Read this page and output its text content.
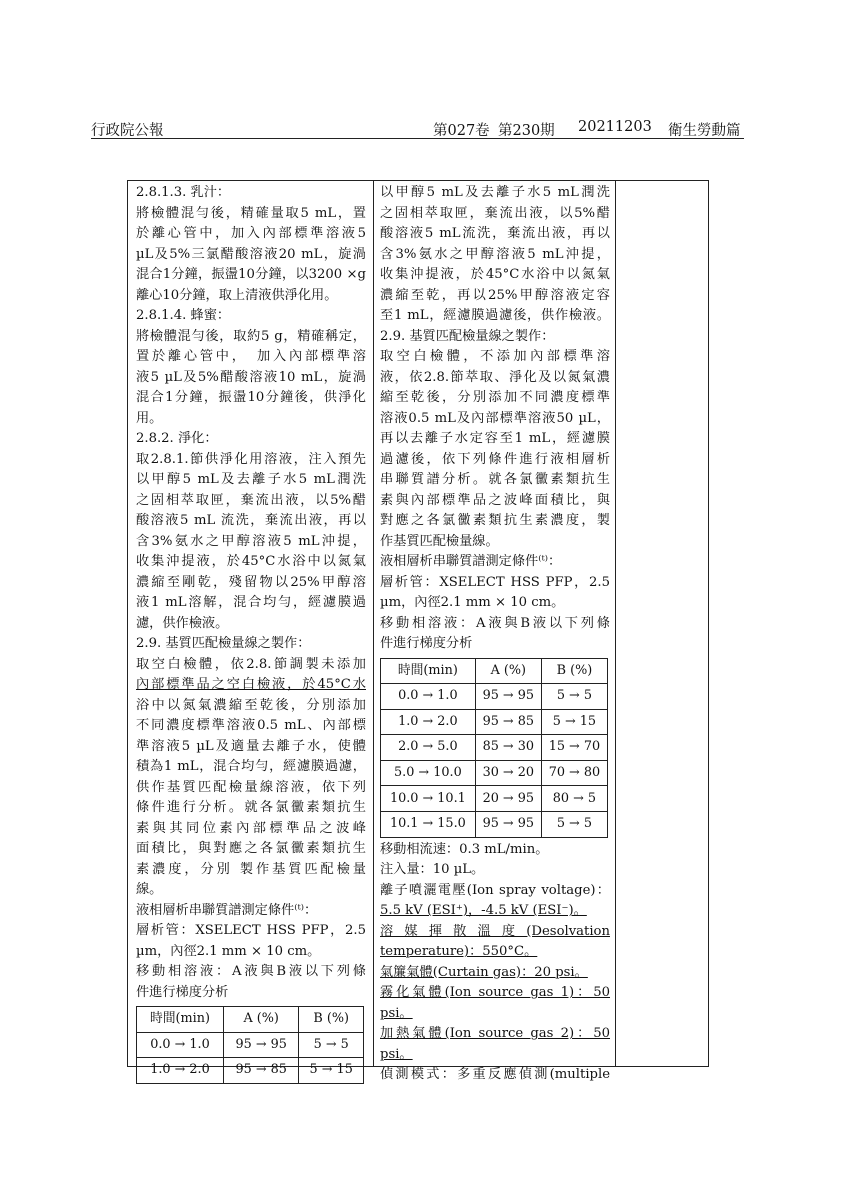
行政院公報	第027卷 第230期 20211203 衛生勞動篇
2.8.1.3. 乳汁：
將檢體混勻後，精確量取5 mL，置
於離心管中，加入內部標準溶液5
µL及5%三氯醋酸溶液20 mL，旋渦
混合1分鐘，振盪10分鐘，以3200 ×g
離心10分鐘，取上清液供淨化用。
2.8.1.4. 蜂蜜：
將檢體混勻後，取約5 g，精確稱定，
置於離心管中，　加入內部標準溶
液5 µL及5%醋酸溶液10 mL，旋渦
混合1分鐘，振盪10分鐘後，供淨化
用。
2.8.2. 淨化：
取2.8.1.節供淨化用溶液，注入預先
以甲醇5 mL及去離子水5 mL潤洗
之固相萃取匣，棄流出液，以5%醋
酸溶液5 mL 流洗，棄流出液，再以
含3%氨水之甲醇溶液5 mL沖提，
收集沖提液，於45°C水浴中以氮氣
濃縮至剛乾，殘留物以25%甲醇溶
液1 mL溶解，混合均勻，經濾膜過
濾，供作檢液。
2.9. 基質匹配檢量線之製作：
取空白檢體，依2.8.節調製未添加
內部標準品之空白檢液，於45°C水
浴中以氮氣濃縮至乾後，分別添加
不同濃度標準溶液0.5 mL、內部標
準溶液5 µL及適量去離子水，使體
積為1 mL，混合均勻，經濾膜過濾，
供作基質匹配檢量線溶液，依下列
條件進行分析。就各氯黴素類抗生
素與其同位素內部標準品之波峰
面積比，與對應之各氯黴素類抗生
素濃度，分別 製作基質匹配檢量
線。
液相層析串聯質譜測定條件⁽ᵗ⁾：
層析管：XSELECT HSS PFP，2.5
µm，內徑2.1 mm × 10 cm。
移動相溶液：A液與B液以下列條
件進行梯度分析
時間(min)	A (%)	B (%)
0.0 → 1.0	95 → 95	5 → 5
1.0 → 2.0	95 → 85	5 → 15
以甲醇5 mL及去離子水5 mL潤洗
之固相萃取匣，棄流出液，以5%醋
酸溶液5 mL流洗，棄流出液，再以
含3%氨水之甲醇溶液5 mL沖提，
收集沖提液，於45°C水浴中以氮氣
濃縮至乾，再以25%甲醇溶液定容
至1 mL，經濾膜過濾後，供作檢液。
2.9. 基質匹配檢量線之製作：
取空白檢體，不添加內部標準溶
液，依2.8.節萃取、淨化及以氮氣濃
縮至乾後，分別添加不同濃度標準
溶液0.5 mL及內部標準溶液50 µL，
再以去離子水定容至1 mL，經濾膜
過濾後，依下列條件進行液相層析
串聯質譜分析。就各氯黴素類抗生
素與內部標準品之波峰面積比，與
對應之各氯黴素類抗生素濃度，製
作基質匹配檢量線。
液相層析串聯質譜測定條件⁽ᵗ⁾：
層析管：XSELECT HSS PFP，2.5
µm，內徑2.1 mm × 10 cm。
移動相溶液：A液與B液以下列條
件進行梯度分析
時間(min)	A (%)	B (%)
0.0 → 1.0	95 → 95	5 → 5
1.0 → 2.0	95 → 85	5 → 15
2.0 → 5.0	85 → 30	15 → 70
5.0 → 10.0	30 → 20	70 → 80
10.0 → 10.1	20 → 95	80 → 5
10.1 → 15.0	95 → 95	5 → 5
移動相流速：0.3 mL/min。
注入量：10 µL。
離子噴灑電壓(Ion spray voltage)：
5.5 kV (ESI⁺)，-4.5 kV (ESI⁻)。
溶 媒 揮 散 溫 度 (Desolvation
temperature)：550°C。
氣簾氣體(Curtain gas)：20 psi。
霧化氣體(Ion source gas 1)：50
psi。
加熱氣體(Ion source gas 2)：50
psi。
偵測模式：多重反應偵測(multiple
